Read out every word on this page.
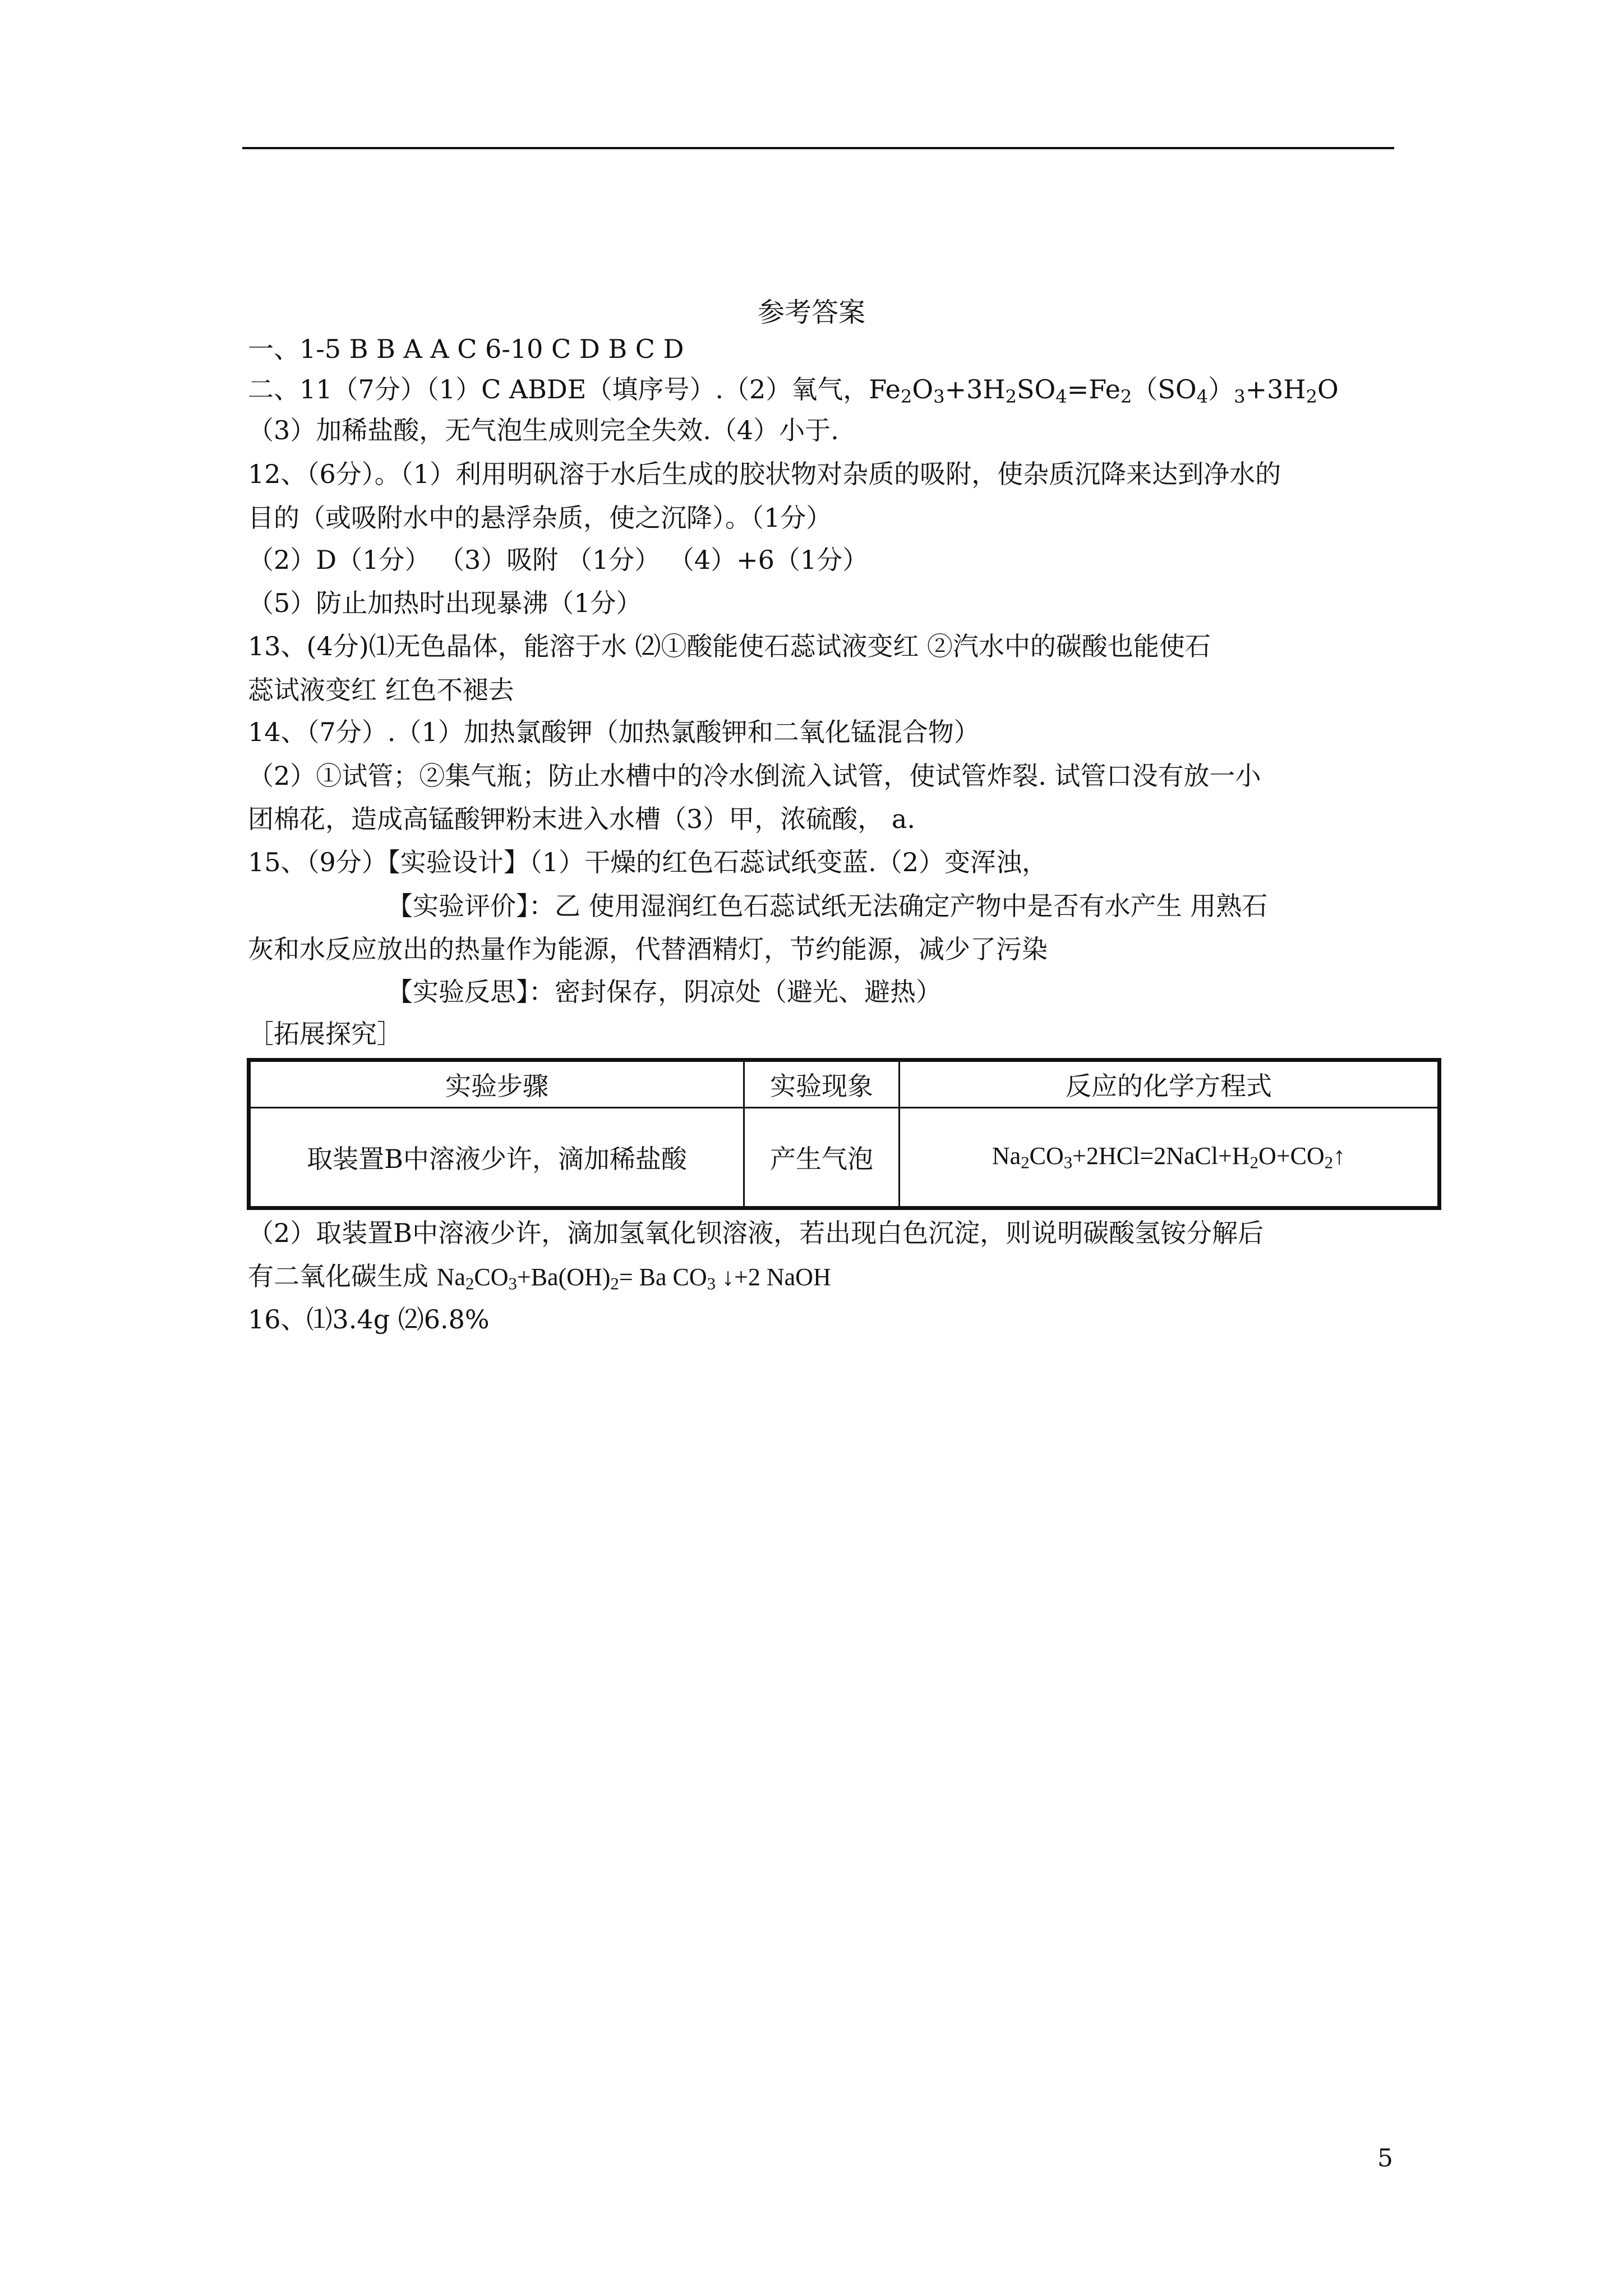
参考答案
一、1-5 B B A A C 6-10 C D B C D
二、11（7分）（1）C ABDE（填序号）.（2）氧气，$Fe_2O_3+3H_2SO_4=Fe_2(SO_4)_3+3H_2O$
（3）加稀盐酸，无气泡生成则完全失效.（4）小于.
12、（6分）。（1）利用明矾溶于水后生成的胶状物对杂质的吸附，使杂质沉降来达到净水的
目的（或吸附水中的悬浮杂质，使之沉降）。（1分）
（2）D（1分） （3）吸附 （1分） （4）+6（1分）
（5）防止加热时出现暴沸（1分）
13、(4分)⑴无色晶体，能溶于水 ⑵①酸能使石蕊试液变红 ②汽水中的碳酸也能使石
蕊试液变红 红色不褪去
14、（7分）.（1）加热氯酸钾（加热氯酸钾和二氧化锰混合物）
（2）①试管；②集气瓶；防止水槽中的冷水倒流入试管，使试管炸裂. 试管口没有放一小
团棉花，造成高锰酸钾粉末进入水槽（3）甲，浓硫酸， a.
15、（9分）【实验设计】（1）干燥的红色石蕊试纸变蓝.（2）变浑浊，
【实验评价】：乙 使用湿润红色石蕊试纸无法确定产物中是否有水产生 用熟石
灰和水反应放出的热量作为能源，代替酒精灯，节约能源，减少了污染
【实验反思】：密封保存，阴凉处（避光、避热）
［拓展探究］
实验步骤	实验现象	反应的化学方程式
取装置B中溶液少许，滴加稀盐酸	产生气泡	$Na_2CO_3+2HCl=2NaCl+H_2O+CO_2↑$
（2）取装置B中溶液少许，滴加氢氧化钡溶液，若出现白色沉淀，则说明碳酸氢铵分解后
有二氧化碳生成 $Na_2CO_3+Ba(OH)_2= Ba$ $CO_3$ ↓+2 NaOH
16、⑴3.4g ⑵6.8%
5
